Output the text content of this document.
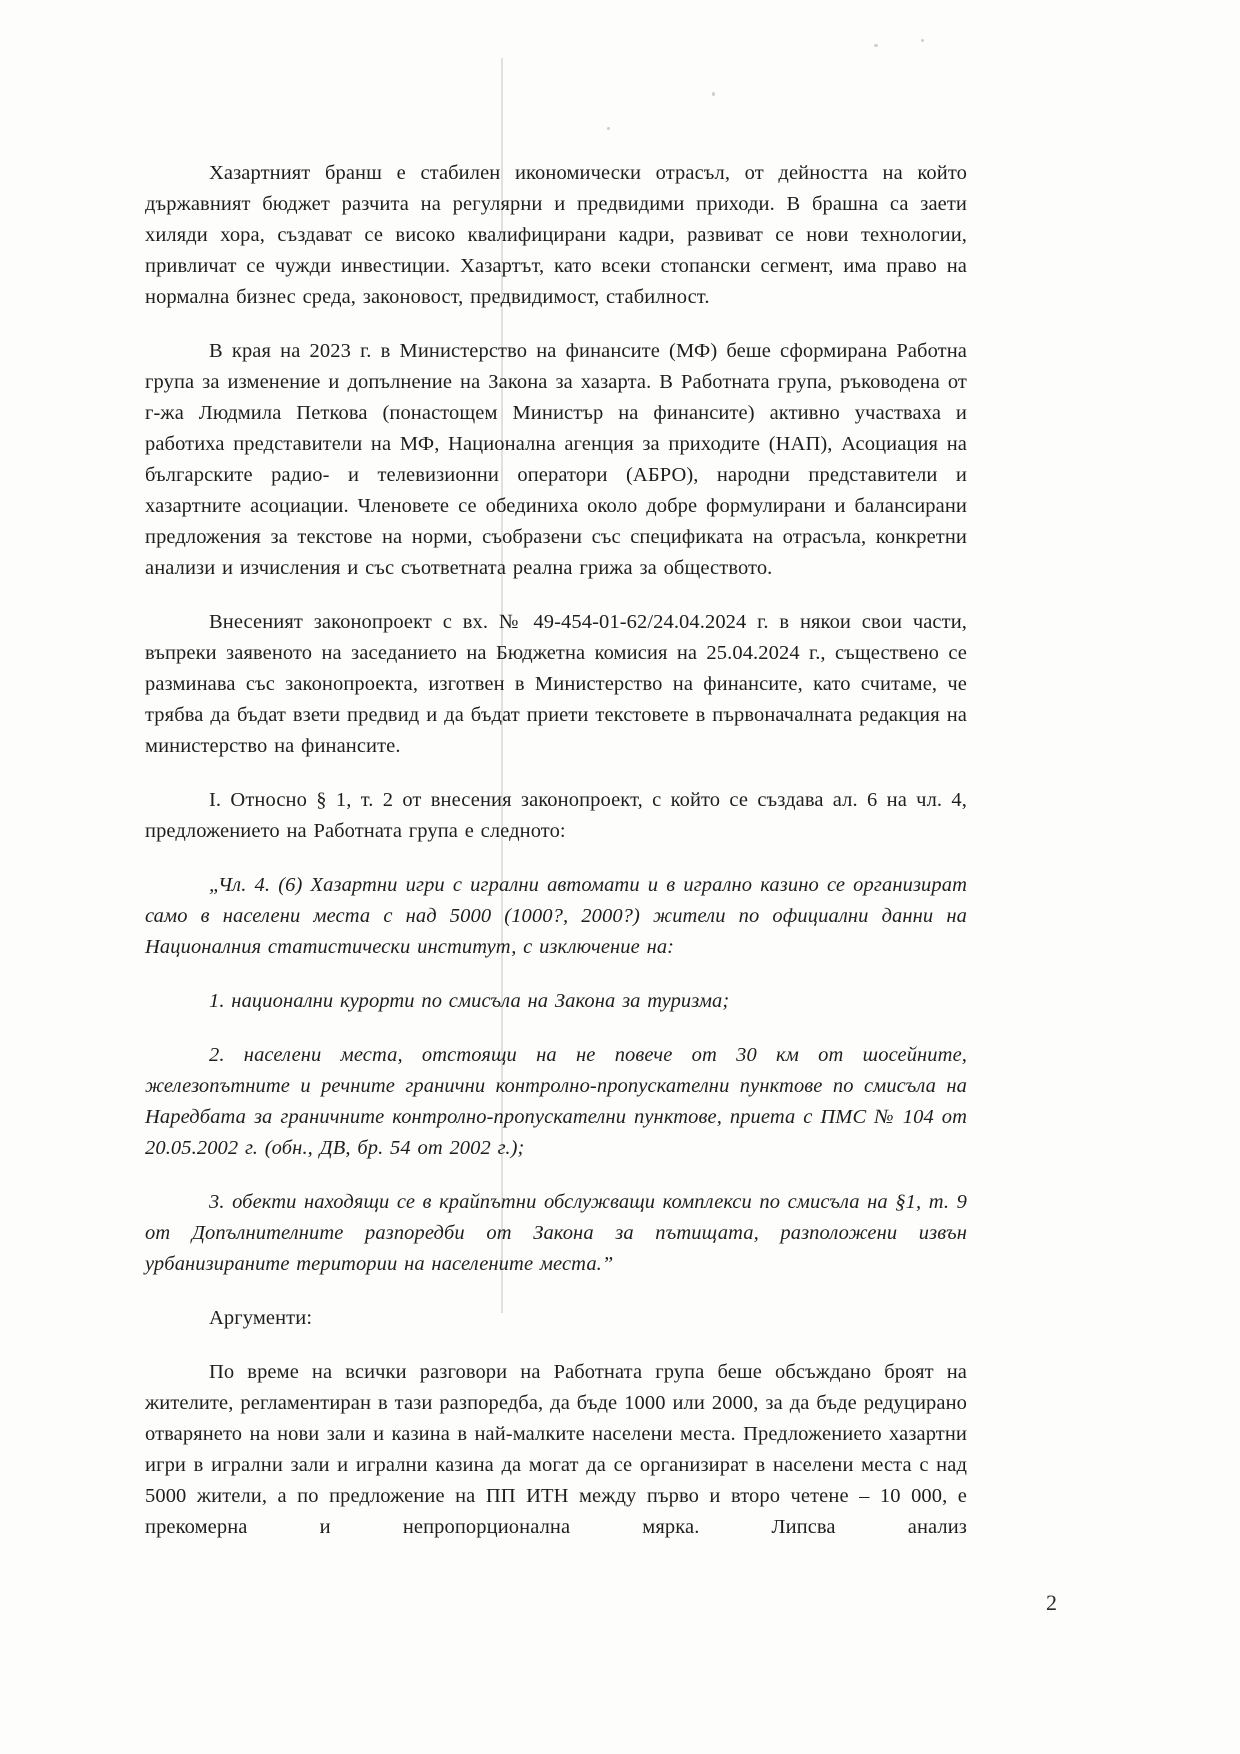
Хазартният бранш е стабилен икономически отрасъл, от дейността на който държавният бюджет разчита на регулярни и предвидими приходи. В брашна са заети хиляди хора, създават се високо квалифицирани кадри, развиват се нови технологии, привличат се чужди инвестиции. Хазартът, като всеки стопански сегмент, има право на нормална бизнес среда, законовост, предвидимост, стабилност.

В края на 2023 г. в Министерство на финансите (МФ) беше сформирана Работна група за изменение и допълнение на Закона за хазарта. В Работната група, ръководена от г-жа Людмила Петкова (понастощем Министър на финансите) активно участваха и работиха представители на МФ, Национална агенция за приходите (НАП), Асоциация на българските радио- и телевизионни оператори (АБРО), народни представители и хазартните асоциации. Членовете се обединиха около добре формулирани и балансирани предложения за текстове на норми, съобразени със спецификата на отрасъла, конкретни анализи и изчисления и със съответната реална грижа за обществото.

Внесеният законопроект с вх. № 49-454-01-62/24.04.2024 г. в някои свои части, въпреки заявеното на заседанието на Бюджетна комисия на 25.04.2024 г., съществено се разминава със законопроекта, изготвен в Министерство на финансите, като считаме, че трябва да бъдат взети предвид и да бъдат приети текстовете в първоначалната редакция на министерство на финансите.

I. Относно § 1, т. 2 от внесения законопроект, с който се създава ал. 6 на чл. 4, предложението на Работната група е следното:

„Чл. 4. (6) Хазартни игри с игрални автомати и в игрално казино се организират само в населени места с над 5000 (1000?, 2000?) жители по официални данни на Националния статистически институт, с изключение на:

1. национални курорти по смисъла на Закона за туризма;

2. населени места, отстоящи на не повече от 30 км от шосейните, железопътните и речните гранични контролно-пропускателни пунктове по смисъла на Наредбата за граничните контролно-пропускателни пунктове, приета с ПМС № 104 от 20.05.2002 г. (обн., ДВ, бр. 54 от 2002 г.);

3. обекти находящи се в крайпътни обслужващи комплекси по смисъла на §1, т. 9 от Допълнителните разпоредби от Закона за пътищата, разположени извън урбанизираните територии на населените места.”

Аргументи:

По време на всички разговори на Работната група беше обсъждано броят на жителите, регламентиран в тази разпоредба, да бъде 1000 или 2000, за да бъде редуцирано отварянето на нови зали и казина в най-малките населени места. Предложението хазартни игри в игрални зали и игрални казина да могат да се организират в населени места с над 5000 жители, а по предложение на ПП ИТН между първо и второ четене – 10 000, е прекомерна и непропорционална мярка. Липсва анализ

2
